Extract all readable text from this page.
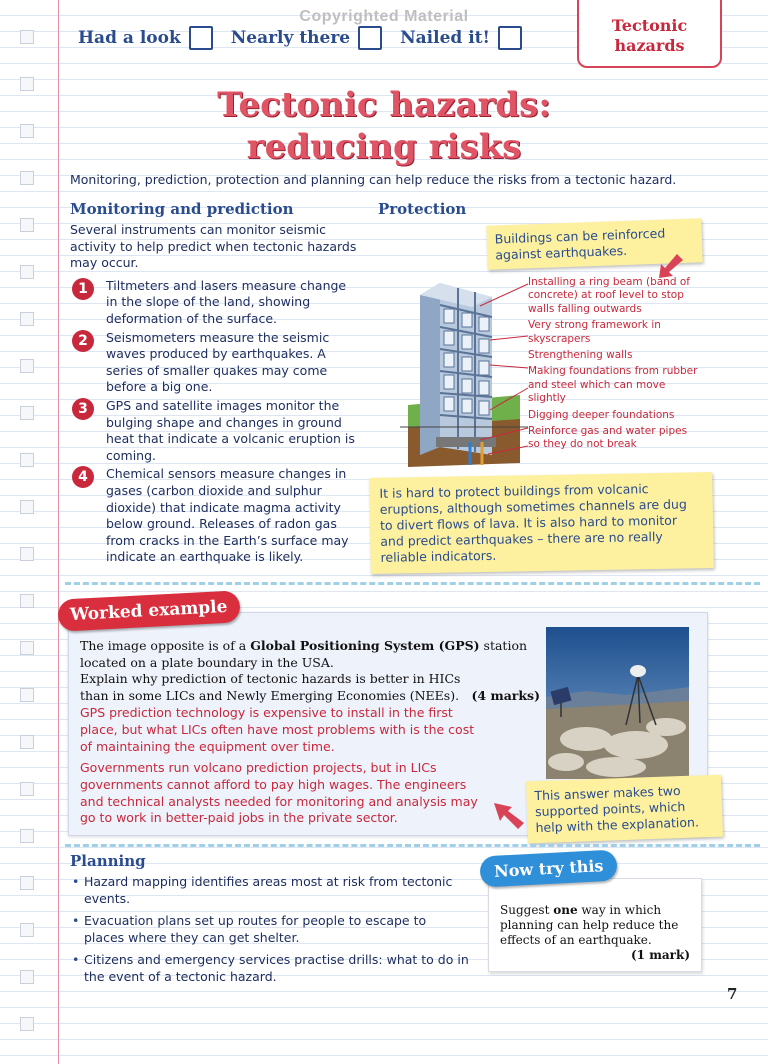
Copyrighted Material
Had a look	Nearly there	Nailed it!
Tectonic
hazards
Tectonic hazards:
reducing risks
Monitoring, prediction, protection and planning can help reduce the risks from a tectonic hazard.
Monitoring and prediction

Several instruments can monitor seismic activity to help predict when tectonic hazards may occur.

1	Tiltmeters and lasers measure change in the slope of the land, showing deformation of the surface.

2	Seismometers measure the seismic waves produced by earthquakes. A series of smaller quakes may come before a big one.

3	GPS and satellite images monitor the bulging shape and changes in ground heat that indicate a volcanic eruption is coming.

4	Chemical sensors measure changes in gases (carbon dioxide and sulphur dioxide) that indicate magma activity below ground. Releases of radon gas from cracks in the Earth’s surface may indicate an earthquake is likely.

Protection
Buildings can be reinforced against earthquakes.
Installing a ring beam (band of concrete) at roof level to stop walls falling outwards
Very strong framework in skyscrapers
Strengthening walls
Making foundations from rubber and steel which can move slightly
Digging deeper foundations
Reinforce gas and water pipes so they do not break
It is hard to protect buildings from volcanic eruptions, although sometimes channels are dug to divert flows of lava. It is also hard to monitor and predict earthquakes – there are no really reliable indicators.
Worked example
The image opposite is of a Global Positioning System (GPS) station located on a plate boundary in the USA.
Explain why prediction of tectonic hazards is better in HICs than in some LICs and Newly Emerging Economies (NEEs). (4 marks)
GPS prediction technology is expensive to install in the first place, but what LICs often have most problems with is the cost of maintaining the equipment over time.
Governments run volcano prediction projects, but in LICs governments cannot afford to pay high wages. The engineers and technical analysts needed for monitoring and analysis may go to work in better-paid jobs in the private sector.
This answer makes two supported points, which help with the explanation.
Planning
• Hazard mapping identifies areas most at risk from tectonic events.
• Evacuation plans set up routes for people to escape to places where they can get shelter.
• Citizens and emergency services practise drills: what to do in the event of a tectonic hazard.
Now try this
Suggest one way in which planning can help reduce the effects of an earthquake.
(1 mark)
7
